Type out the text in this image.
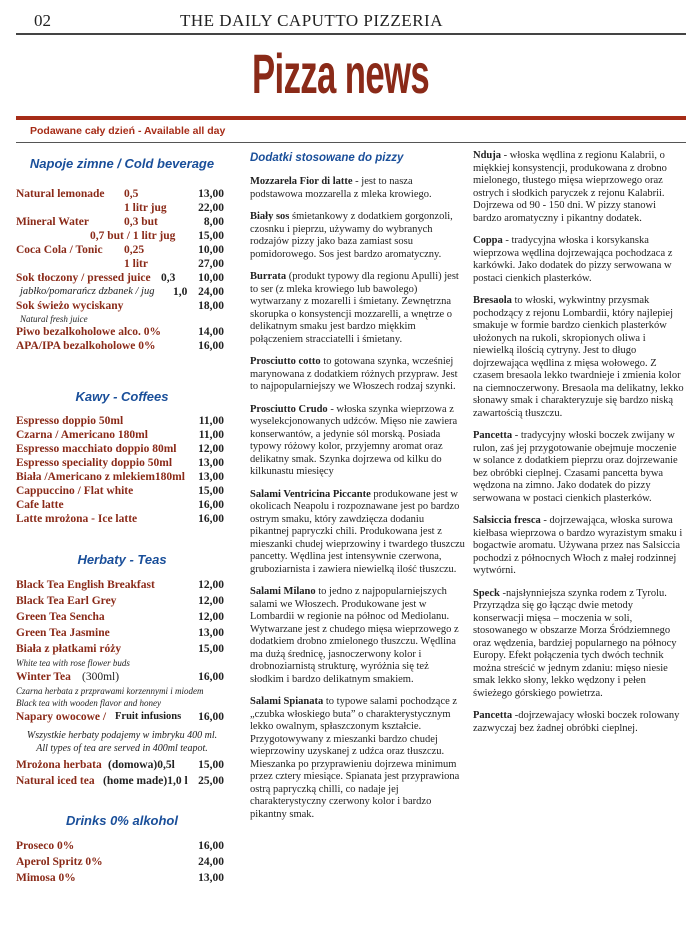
02	THE DAILY CAPUTTO PIZZERIA
Pizza news
Podawane cały dzień - Available all day
Napoje zimne / Cold beverage
Natural lemonade 0,5	13,00
1 litr jug	22,00
Mineral Water	0,3 but	8,00
0,7 but / 1 litr jug 15,00
Coca Cola / Tonic 0,25	10,00
1 litr	27,00
Sok tłoczony / pressed juice 0,3 10,00
jabłko/pomarańcz dzbanek / jug 1,0 24,00
Sok świeżo wyciskany	18,00
Natural fresh juice
Piwo bezalkoholowe alco. 0%	14,00
APA/IPA bezalkoholowe 0%	16,00
Kawy - Coffees
Espresso doppio 50ml	11,00
Czarna / Americano 180ml	11,00
Espresso macchiato doppio 80ml 12,00
Espresso speciality doppio 50ml 13,00
Biała /Americano z mlekiem180ml 13,00
Cappuccino / Flat white	15,00
Cafe latte	16,00
Latte mrożona - Ice latte	16,00
Herbaty - Teas
Black Tea English Breakfast	12,00
Black Tea Earl Grey	12,00
Green Tea Sencha	12,00
Green Tea Jasmine	13,00
Biała z płatkami róży	15,00
White tea with rose flower buds
Winter Tea (300ml)	16,00
Czarna herbata z przprawami korzennymi i miodem
Black tea with wooden flavor and honey
Napary owocowe / Fruit infusions 16,00
Wszystkie herbaty podajemy w imbryku 400 ml.
All types of tea are served in 400ml teapot.
Mrożona herbata (domowa)0,5l 15,00
Natural iced tea (home made)1,0 l 25,00
Drinks 0% alkohol
Proseco 0%	16,00
Aperol Spritz 0%	24,00
Mimosa 0%	13,00
Dodatki stosowane do pizzy

Mozzarela Fior di latte - jest to nasza podstawowa mozzarella z mleka krowiego.

Biały sos śmietankowy z dodatkiem gorgonzoli, czosnku i pieprzu, używamy do wybranych rodzajów pizzy jako baza zamiast sosu pomidorowego. Sos jest bardzo aromatyczny.

Burrata (produkt typowy dla regionu Apulli) jest to ser (z mleka krowiego lub bawolego) wytwarzany z mozarelli i śmietany. Zewnętrzna skorupka o konsystencji mozzarelli, a wnętrze o delikatnym smaku jest bardzo miękkim połączeniem stracciatelli i śmietany.

Prosciutto cotto to gotowana szynka, wcześniej marynowana z dodatkiem różnych przypraw. Jest to najpopularniejszy we Włoszech rodzaj szynki.

Prosciutto Crudo - włoska szynka wieprzowa z wyselekcjonowanych udźców. Mięso nie zawiera konserwantów, a jedynie sól morską. Posiada typowy różowy kolor, przyjemny aromat oraz delikatny smak. Szynka dojrzewa od kilku do kilkunastu miesięcy

Salami Ventricina Piccante produkowane jest w okolicach Neapolu i rozpoznawane jest po bardzo ostrym smaku, który zawdzięcza dodaniu pikantnej papryczki chili. Produkowana jest z mieszanki chudej wieprzowiny i twardego tłuszczu pancetty. Wędlina jest intensywnie czerwona, gruboziarnista i zawiera niewielką ilość tłuszczu.

Salami Milano to jedno z najpopularniejszych salami we Włoszech. Produkowane jest w Lombardii w regionie na północ od Mediolanu. Wytwarzane jest z chudego mięsa wieprzowego z dodatkiem drobno zmielonego tłuszczu. Wędlina ma dużą średnicę, jasnoczerwony kolor i drobnoziarnistą strukturę, wyróżnia się też słodkim i bardzo delikatnym smakiem.

Salami Spianata to typowe salami pochodzące z „czubka włoskiego buta” o charakterystycznym lekko owalnym, spłaszczonym kształcie. Przygotowywany z mieszanki bardzo chudej wieprzowiny uzyskanej z udźca oraz tłuszczu. Mieszanka po przyprawieniu dojrzewa minimum przez cztery miesiące. Spianata jest przyprawiona ostrą papryczką chilli, co nadaje jej charakterystyczny czerwony kolor i bardzo pikantny smak.

Nduja - włoska wędlina z regionu Kalabrii, o miękkiej konsystencji, produkowana z drobno mielonego, tłustego mięsa wieprzowego oraz ostrych i słodkich paryczek z rejonu Kalabrii. Dojrzewa od 90 - 150 dni. W pizzy stanowi bardzo aromatyczny i pikantny dodatek.

Coppa - tradycyjna włoska i korsykanska wieprzowa wędlina dojrzewająca pochodzaca z karkówki. Jako dodatek do pizzy serwowana w postaci cienkich plasterków.

Bresaola to włoski, wykwintny przysmak pochodzący z rejonu Lombardii, który najlepiej smakuje w formie bardzo cienkich plasterków ułożonych na rukoli, skropionych oliwa i niewielką ilością cytryny. Jest to długo dojrzewająca wędlina z mięsa wołowego. Z czasem bresaola lekko twardnieje i zmienia kolor na ciemnoczerwony. Bresaola ma delikatny, lekko słonawy smak i charakteryzuje się bardzo niską zawartością tłuszczu.

Pancetta - tradycyjny włoski boczek zwijany w rulon, zaś jej przygotowanie obejmuje moczenie w solance z dodatkiem pieprzu oraz dojrzewanie bez obróbki cieplnej. Czasami pancetta bywa wędzona na zimno. Jako dodatek do pizzy serwowana w postaci cienkich plasterków.

Salsiccia fresca - dojrzewająca, włoska surowa kiełbasa wieprzowa o bardzo wyrazistym smaku i bogactwie aromatu. Używana przez nas Salsiccia pochodzi z północnych Włoch z małej rodzinnej wytwórni.

Speck -najsłynniejsza szynka rodem z Tyrolu. Przyrządza się go łącząc dwie metody konserwacji mięsa – moczenia w soli, stosowanego w obszarze Morza Śródziemnego oraz wędzenia, bardziej popularnego na północy Europy. Efekt połączenia tych dwóch technik można streścić w jednym zdaniu: mięso niesie smak lekko słony, lekko wędzony i pełen świeżego górskiego powietrza.

Pancetta -dojrzewajacy włoski boczek rolowany zazwyczaj bez żadnej obróbki cieplnej.
